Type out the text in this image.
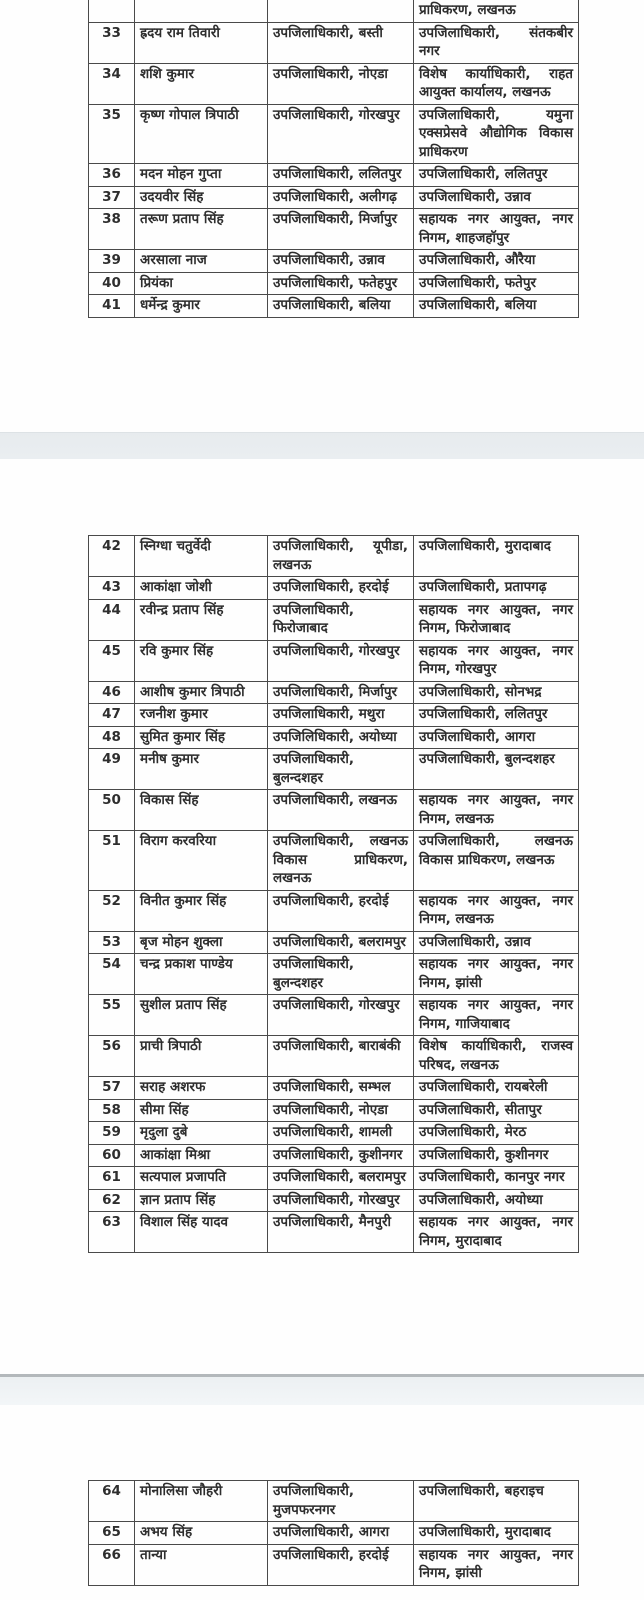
			प्राधिकरण, लखनऊ
33	ह्रदय राम तिवारी	उपजिलाधिकारी, बस्ती	उपजिलाधिकारी, संतकबीर नगर
34	शशि कुमार	उपजिलाधिकारी, नोएडा	विशेष कार्याधिकारी, राहत आयुक्त कार्यालय, लखनऊ
35	कृष्ण गोपाल त्रिपाठी	उपजिलाधिकारी, गोरखपुर	उपजिलाधिकारी, यमुना एक्सप्रेसवे औद्योगिक विकास प्राधिकरण
36	मदन मोहन गुप्ता	उपजिलाधिकारी, ललितपुर	उपजिलाधिकारी, ललितपुर
37	उदयवीर सिंह	उपजिलाधिकारी, अलीगढ़	उपजिलाधिकारी, उन्नाव
38	तरूण प्रताप सिंह	उपजिलाधिकारी, मिर्जापुर	सहायक नगर आयुक्त, नगर निगम, शाहजहॉपुर
39	अरसाला नाज	उपजिलाधिकारी, उन्नाव	उपजिलाधिकारी, औरैया
40	प्रियंका	उपजिलाधिकारी, फतेहपुर	उपजिलाधिकारी, फतेपुर
41	धर्मेन्द्र कुमार	उपजिलाधिकारी, बलिया	उपजिलाधिकारी, बलिया
42	स्निग्धा चतुर्वेदी	उपजिलाधिकारी, यूपीडा, लखनऊ	उपजिलाधिकारी, मुरादाबाद
43	आकांक्षा जोशी	उपजिलाधिकारी, हरदोई	उपजिलाधिकारी, प्रतापगढ़
44	रवीन्द्र प्रताप सिंह	उपजिलाधिकारी, फिरोजाबाद	सहायक नगर आयुक्त, नगर निगम, फिरोजाबाद
45	रवि कुमार सिंह	उपजिलाधिकारी, गोरखपुर	सहायक नगर आयुक्त, नगर निगम, गोरखपुर
46	आशीष कुमार त्रिपाठी	उपजिलाधिकारी, मिर्जापुर	उपजिलाधिकारी, सोनभद्र
47	रजनीश कुमार	उपजिलाधिकारी, मथुरा	उपजिलाधिकारी, ललितपुर
48	सुमित कुमार सिंह	उपजिलिधिकारी, अयोध्या	उपजिलाधिकारी, आगरा
49	मनीष कुमार	उपजिलाधिकारी, बुलन्दशहर	उपजिलाधिकारी, बुलन्दशहर
50	विकास सिंह	उपजिलाधिकारी, लखनऊ	सहायक नगर आयुक्त, नगर निगम, लखनऊ
51	विराग करवरिया	उपजिलाधिकारी, लखनऊ विकास प्राधिकरण, लखनऊ	उपजिलाधिकारी, लखनऊ विकास प्राधिकरण, लखनऊ
52	विनीत कुमार सिंह	उपजिलाधिकारी, हरदोई	सहायक नगर आयुक्त, नगर निगम, लखनऊ
53	बृज मोहन शुक्ला	उपजिलाधिकारी, बलरामपुर	उपजिलाधिकारी, उन्नाव
54	चन्द्र प्रकाश पाण्डेय	उपजिलाधिकारी, बुलन्दशहर	सहायक नगर आयुक्त, नगर निगम, झांसी
55	सुशील प्रताप सिंह	उपजिलाधिकारी, गोरखपुर	सहायक नगर आयुक्त, नगर निगम, गाजियाबाद
56	प्राची त्रिपाठी	उपजिलाधिकारी, बाराबंकी	विशेष कार्याधिकारी, राजस्व परिषद, लखनऊ
57	सराह अशरफ	उपजिलाधिकारी, सम्भल	उपजिलाधिकारी, रायबरेली
58	सीमा सिंह	उपजिलाधिकारी, नोएडा	उपजिलाधिकारी, सीतापुर
59	मृदुला दुबे	उपजिलाधिकारी, शामली	उपजिलाधिकारी, मेरठ
60	आकांक्षा मिश्रा	उपजिलाधिकारी, कुशीनगर	उपजिलाधिकारी, कुशीनगर
61	सत्यपाल प्रजापति	उपजिलाधिकारी, बलरामपुर	उपजिलाधिकारी, कानपुर नगर
62	ज्ञान प्रताप सिंह	उपजिलाधिकारी, गोरखपुर	उपजिलाधिकारी, अयोध्या
63	विशाल सिंह यादव	उपजिलाधिकारी, मैनपुरी	सहायक नगर आयुक्त, नगर निगम, मुरादाबाद
64	मोनालिसा जौहरी	उपजिलाधिकारी, मुजपफरनगर	उपजिलाधिकारी, बहराइच
65	अभय सिंह	उपजिलाधिकारी, आगरा	उपजिलाधिकारी, मुरादाबाद
66	तान्या	उपजिलाधिकारी, हरदोई	सहायक नगर आयुक्त, नगर निगम, झांसी
